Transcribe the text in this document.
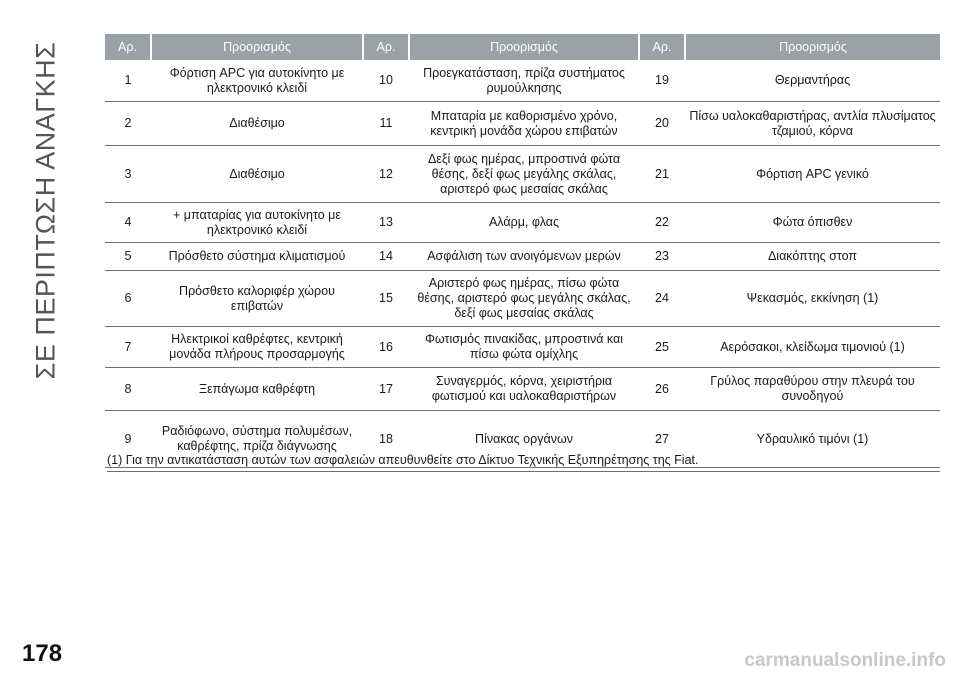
ΣΕ ΠΕΡΙΠΤΩΣΗ ΑΝΑΓΚΗΣ	Αρ.	Προορισμός	Αρ.	Προορισμός	Αρ.	Προορισμός
1	Φόρτιση APC για αυτοκίνητο με ηλεκτρονικό κλειδί	10	Προεγκατάσταση, πρίζα συστήματος ρυμούλκησης	19	Θερμαντήρας
2	Διαθέσιμο	11	Μπαταρία με καθορισμένο χρόνο, κεντρική μονάδα χώρου επιβατών	20	Πίσω υαλοκαθαριστήρας, αντλία πλυσίματος τζαμιού, κόρνα
3	Διαθέσιμο	12	Δεξί φως ημέρας, μπροστινά φώτα θέσης, δεξί φως μεγάλης σκάλας, αριστερό φως μεσαίας σκάλας	21	Φόρτιση APC γενικό
4	+ μπαταρίας για αυτοκίνητο με ηλεκτρονικό κλειδί	13	Αλάρμ, φλας	22	Φώτα όπισθεν
5	Πρόσθετο σύστημα κλιματισμού	14	Ασφάλιση των ανοιγόμενων μερών	23	Διακόπτης στοπ
6	Πρόσθετο καλοριφέρ χώρου επιβατών	15	Αριστερό φως ημέρας, πίσω φώτα θέσης, αριστερό φως μεγάλης σκάλας, δεξί φως μεσαίας σκάλας	24	Ψεκασμός, εκκίνηση (1)
7	Ηλεκτρικοί καθρέφτες, κεντρική μονάδα πλήρους προσαρμογής	16	Φωτισμός πινακίδας, μπροστινά και πίσω φώτα ομίχλης	25	Αερόσακοι, κλείδωμα τιμονιού (1)
8	Ξεπάγωμα καθρέφτη	17	Συναγερμός, κόρνα, χειριστήρια φωτισμού και υαλοκαθαριστήρων	26	Γρύλος παραθύρου στην πλευρά του συνοδηγού
9	Ραδιόφωνο, σύστημα πολυμέσων, καθρέφτης, πρίζα διάγνωσης	18	Πίνακας οργάνων	27	Υδραυλικό τιμόνι (1)
(1) Για την αντικατάσταση αυτών των ασφαλειών απευθυνθείτε στο Δίκτυο Τεχνικής Εξυπηρέτησης της Fiat.
178	carmanualsonline.info
